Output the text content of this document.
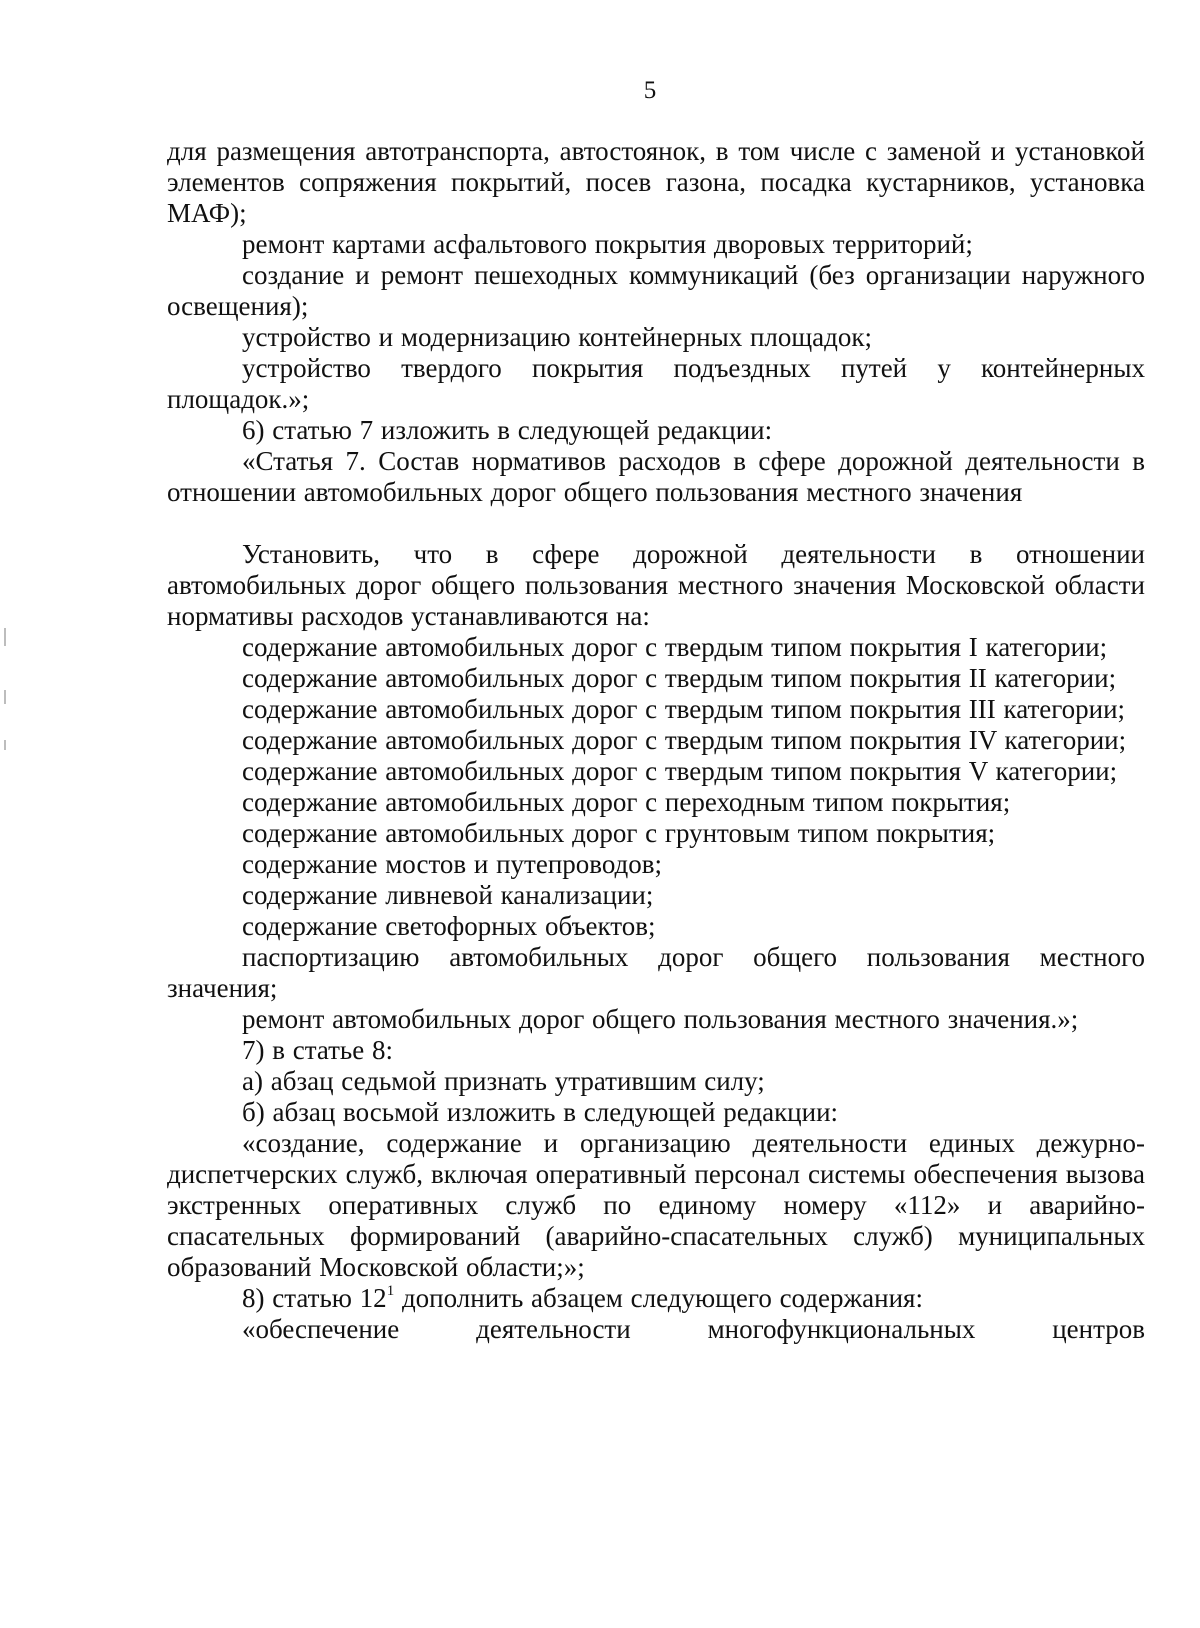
5

для размещения автотранспорта, автостоянок, в том числе с заменой и установкой элементов сопряжения покрытий, посев газона, посадка кустарников, установка МАФ);

ремонт картами асфальтового покрытия дворовых территорий;

создание и ремонт пешеходных коммуникаций (без организации наружного освещения);

устройство и модернизацию контейнерных площадок;

устройство твердого покрытия подъездных путей у контейнерных площадок.»;

6) статью 7 изложить в следующей редакции:

«Статья 7. Состав нормативов расходов в сфере дорожной деятельности в отношении автомобильных дорог общего пользования местного значения

Установить, что в сфере дорожной деятельности в отношении автомобильных дорог общего пользования местного значения Московской области нормативы расходов устанавливаются на:

содержание автомобильных дорог с твердым типом покрытия I категории;

содержание автомобильных дорог с твердым типом покрытия II категории;

содержание автомобильных дорог с твердым типом покрытия III категории;

содержание автомобильных дорог с твердым типом покрытия IV категории;

содержание автомобильных дорог с твердым типом покрытия V категории;

содержание автомобильных дорог с переходным типом покрытия;

содержание автомобильных дорог с грунтовым типом покрытия;

содержание мостов и путепроводов;

содержание ливневой канализации;

содержание светофорных объектов;

паспортизацию автомобильных дорог общего пользования местного значения;

ремонт автомобильных дорог общего пользования местного значения.»;

7) в статье 8:

а) абзац седьмой признать утратившим силу;

б) абзац восьмой изложить в следующей редакции:

«создание, содержание и организацию деятельности единых дежурно-диспетчерских служб, включая оперативный персонал системы обеспечения вызова экстренных оперативных служб по единому номеру «112» и аварийно-спасательных формирований (аварийно-спасательных служб) муниципальных образований Московской области;»;

8) статью $12^1$ дополнить абзацем следующего содержания:

«обеспечение деятельности многофункциональных центров
